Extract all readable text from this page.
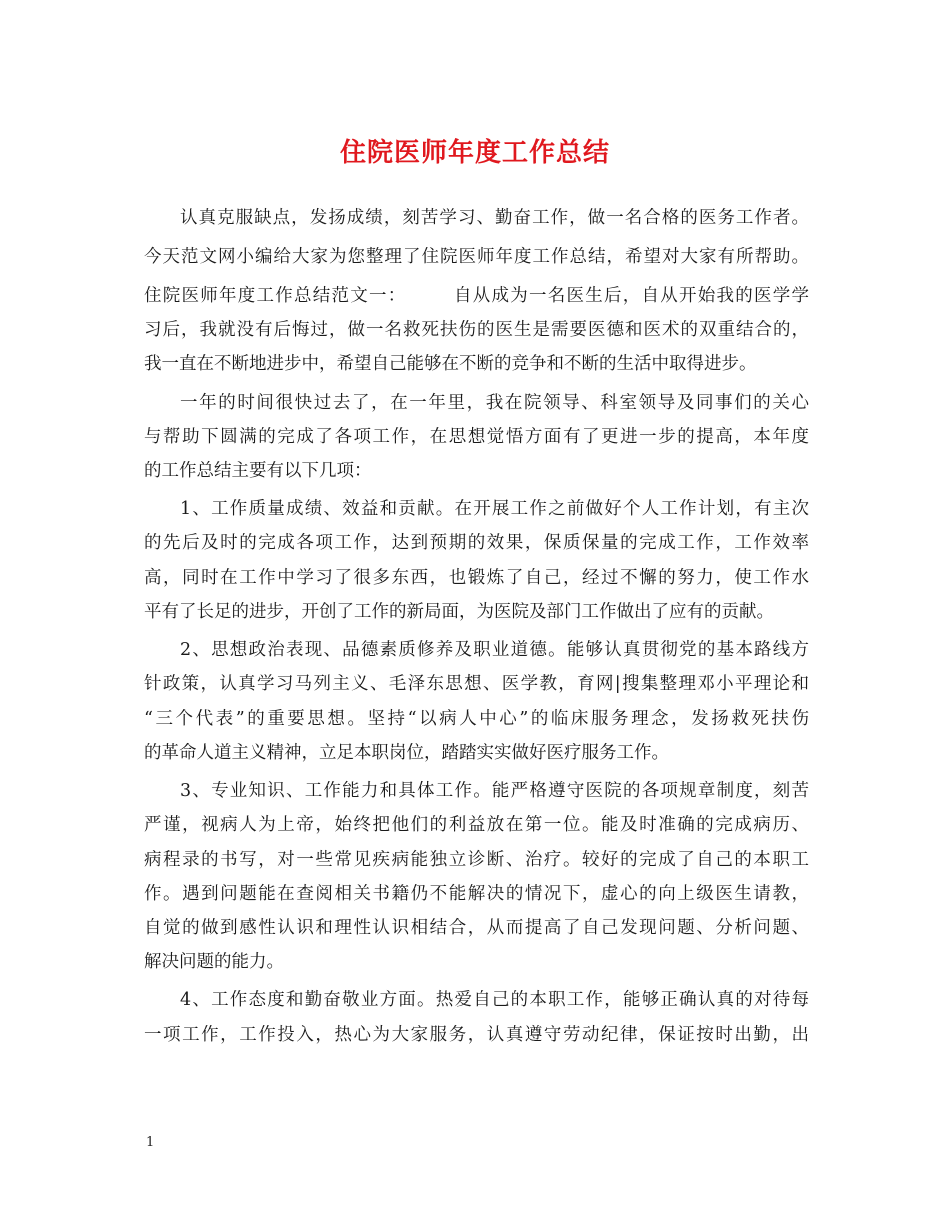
住院医师年度工作总结
认真克服缺点，发扬成绩，刻苦学习、勤奋工作，做一名合格的医务工作者。
今天范文网小编给大家为您整理了住院医师年度工作总结，希望对大家有所帮助。
住院医师年度工作总结范文一：　　　自从成为一名医生后，自从开始我的医学学
习后，我就没有后悔过，做一名救死扶伤的医生是需要医德和医术的双重结合的，
我一直在不断地进步中，希望自己能够在不断的竞争和不断的生活中取得进步。
一年的时间很快过去了，在一年里，我在院领导、科室领导及同事们的关心
与帮助下圆满的完成了各项工作，在思想觉悟方面有了更进一步的提高，本年度
的工作总结主要有以下几项：
1、工作质量成绩、效益和贡献。在开展工作之前做好个人工作计划，有主次
的先后及时的完成各项工作，达到预期的效果，保质保量的完成工作，工作效率
高，同时在工作中学习了很多东西，也锻炼了自己，经过不懈的努力，使工作水
平有了长足的进步，开创了工作的新局面，为医院及部门工作做出了应有的贡献。
2、思想政治表现、品德素质修养及职业道德。能够认真贯彻党的基本路线方
针政策，认真学习马列主义、毛泽东思想、医学教，育网|搜集整理邓小平理论和
“三个代表”的重要思想。坚持“以病人中心”的临床服务理念，发扬救死扶伤
的革命人道主义精神，立足本职岗位，踏踏实实做好医疗服务工作。
3、专业知识、工作能力和具体工作。能严格遵守医院的各项规章制度，刻苦
严谨，视病人为上帝，始终把他们的利益放在第一位。能及时准确的完成病历、
病程录的书写，对一些常见疾病能独立诊断、治疗。较好的完成了自己的本职工
作。遇到问题能在查阅相关书籍仍不能解决的情况下，虚心的向上级医生请教，
自觉的做到感性认识和理性认识相结合，从而提高了自己发现问题、分析问题、
解决问题的能力。
4、工作态度和勤奋敬业方面。热爱自己的本职工作，能够正确认真的对待每
一项工作，工作投入，热心为大家服务，认真遵守劳动纪律，保证按时出勤，出
1
